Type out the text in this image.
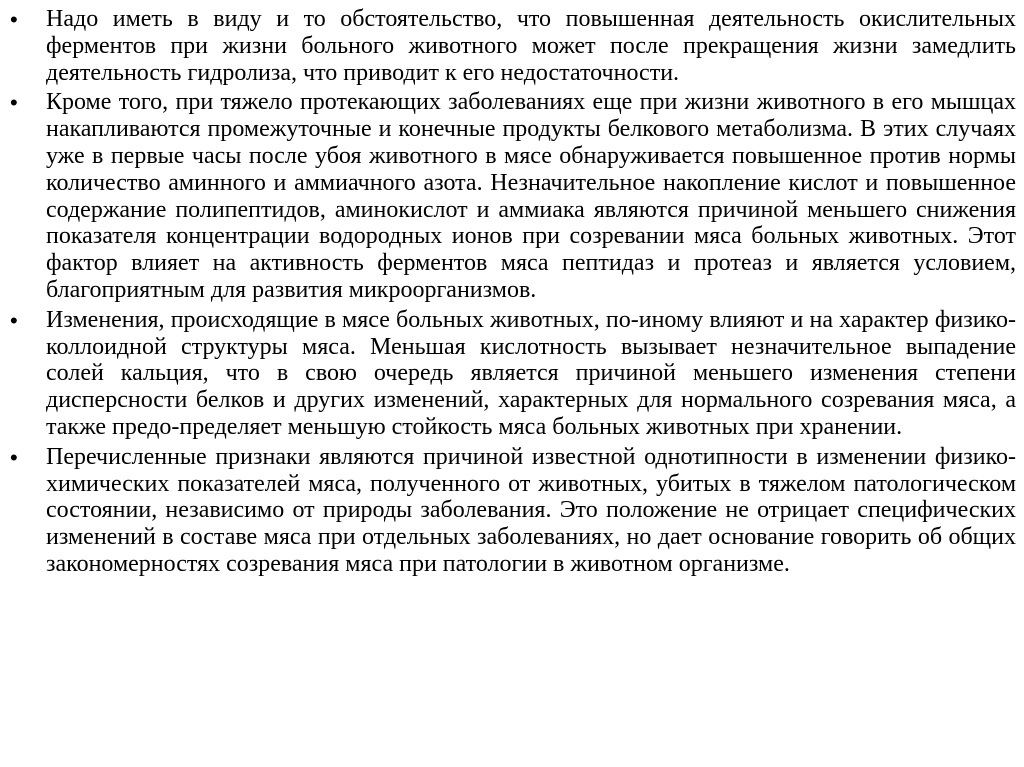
• Надо иметь в виду и то обстоятельство, что повышенная деятельность окислительных ферментов при жизни больного животного может после прекращения жизни замедлить деятельность гидролиза, что приводит к его недостаточности.
• Кроме того, при тяжело протекающих заболеваниях еще при жизни животного в его мышцах накапливаются промежуточные и конечные продукты белкового метаболизма. В этих случаях уже в первые часы после убоя животного в мясе обнаруживается повышенное против нормы количество аминного и аммиачного азота. Незначительное накопление кислот и повышенное содержание полипептидов, аминокислот и аммиака являются причиной меньшего снижения показателя концентрации водородных ионов при созревании мяса больных животных. Этот фактор влияет на активность ферментов мяса пептидаз и протеаз и является условием, благоприятным для развития микроорганизмов.
• Изменения, происходящие в мясе больных животных, по-иному влияют и на характер физико-коллоидной структуры мяса. Меньшая кислотность вызывает незначительное выпадение солей кальция, что в свою очередь является причиной меньшего изменения степени дисперсности белков и других изменений, характерных для нормального созревания мяса, а также предо-пределяет меньшую стойкость мяса больных животных при хранении.
• Перечисленные признаки являются причиной известной однотипности в изменении физико-химических показателей мяса, полученного от животных, убитых в тяжелом патологическом состоянии, независимо от природы заболевания. Это положение не отрицает специфических изменений в составе мяса при отдельных заболеваниях, но дает основание говорить об общих закономерностях созревания мяса при патологии в животном организме.
